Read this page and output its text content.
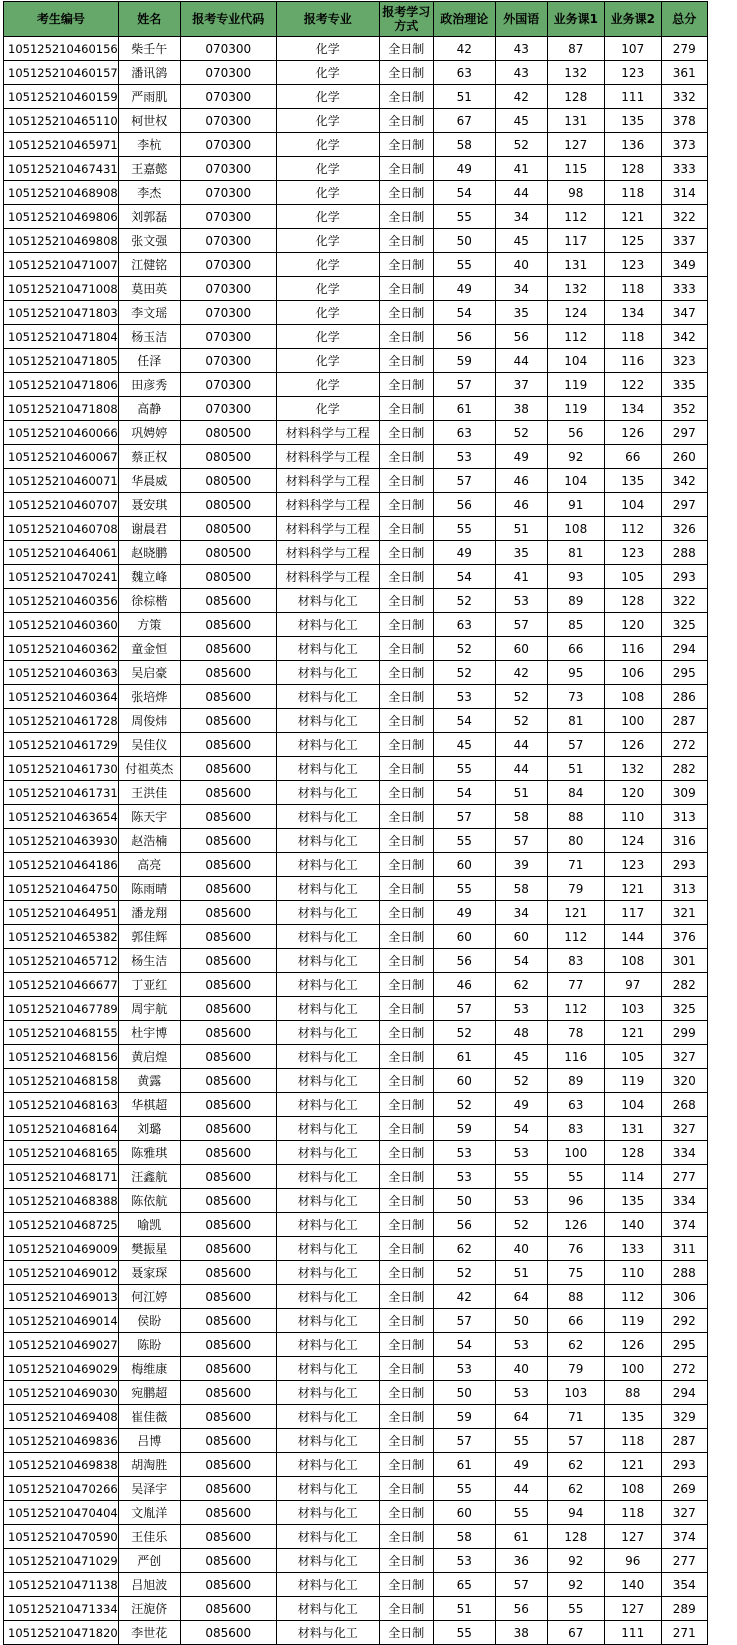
考生编号	姓名	报考专业代码	报考专业	报考学习方式	政治理论	外国语	业务课1	业务课2	总分
105125210460156	柴壬午	070300	化学	全日制	42	43	87	107	279
105125210460157	潘讯鹆	070300	化学	全日制	63	43	132	123	361
105125210460159	严雨肌	070300	化学	全日制	51	42	128	111	332
105125210465110	柯世权	070300	化学	全日制	67	45	131	135	378
105125210465971	李杭	070300	化学	全日制	58	52	127	136	373
105125210467431	王嘉懿	070300	化学	全日制	49	41	115	128	333
105125210468908	李杰	070300	化学	全日制	54	44	98	118	314
105125210469806	刘郭磊	070300	化学	全日制	55	34	112	121	322
105125210469808	张文强	070300	化学	全日制	50	45	117	125	337
105125210471007	江健铭	070300	化学	全日制	55	40	131	123	349
105125210471008	莫田英	070300	化学	全日制	49	34	132	118	333
105125210471803	李文瑶	070300	化学	全日制	54	35	124	134	347
105125210471804	杨玉洁	070300	化学	全日制	56	56	112	118	342
105125210471805	任泽	070300	化学	全日制	59	44	104	116	323
105125210471806	田彦秀	070300	化学	全日制	57	37	119	122	335
105125210471808	高静	070300	化学	全日制	61	38	119	134	352
105125210460066	巩娉婷	080500	材料科学与工程	全日制	63	52	56	126	297
105125210460067	蔡正权	080500	材料科学与工程	全日制	53	49	92	66	260
105125210460071	华晨威	080500	材料科学与工程	全日制	57	46	104	135	342
105125210460707	聂安琪	080500	材料科学与工程	全日制	56	46	91	104	297
105125210460708	谢晨君	080500	材料科学与工程	全日制	55	51	108	112	326
105125210464061	赵晓鹏	080500	材料科学与工程	全日制	49	35	81	123	288
105125210470241	魏立峰	080500	材料科学与工程	全日制	54	41	93	105	293
105125210460356	徐棕楷	085600	材料与化工	全日制	52	53	89	128	322
105125210460360	方策	085600	材料与化工	全日制	63	57	85	120	325
105125210460362	童金恒	085600	材料与化工	全日制	52	60	66	116	294
105125210460363	吴启豪	085600	材料与化工	全日制	52	42	95	106	295
105125210460364	张培烨	085600	材料与化工	全日制	53	52	73	108	286
105125210461728	周俊炜	085600	材料与化工	全日制	54	52	81	100	287
105125210461729	吴佳仪	085600	材料与化工	全日制	45	44	57	126	272
105125210461730	付祖英杰	085600	材料与化工	全日制	55	44	51	132	282
105125210461731	王洪佳	085600	材料与化工	全日制	54	51	84	120	309
105125210463654	陈天宇	085600	材料与化工	全日制	57	58	88	110	313
105125210463930	赵浩楠	085600	材料与化工	全日制	55	57	80	124	316
105125210464186	高亮	085600	材料与化工	全日制	60	39	71	123	293
105125210464750	陈雨晴	085600	材料与化工	全日制	55	58	79	121	313
105125210464951	潘龙翔	085600	材料与化工	全日制	49	34	121	117	321
105125210465382	郭佳辉	085600	材料与化工	全日制	60	60	112	144	376
105125210465712	杨生洁	085600	材料与化工	全日制	56	54	83	108	301
105125210466677	丁亚红	085600	材料与化工	全日制	46	62	77	97	282
105125210467789	周宇航	085600	材料与化工	全日制	57	53	112	103	325
105125210468155	杜宇博	085600	材料与化工	全日制	52	48	78	121	299
105125210468156	黄启煌	085600	材料与化工	全日制	61	45	116	105	327
105125210468158	黄露	085600	材料与化工	全日制	60	52	89	119	320
105125210468163	华棋超	085600	材料与化工	全日制	52	49	63	104	268
105125210468164	刘璐	085600	材料与化工	全日制	59	54	83	131	327
105125210468165	陈雅琪	085600	材料与化工	全日制	53	53	100	128	334
105125210468171	汪鑫航	085600	材料与化工	全日制	53	55	55	114	277
105125210468388	陈依航	085600	材料与化工	全日制	50	53	96	135	334
105125210468725	喻凯	085600	材料与化工	全日制	56	52	126	140	374
105125210469009	樊振星	085600	材料与化工	全日制	62	40	76	133	311
105125210469012	聂家琛	085600	材料与化工	全日制	52	51	75	110	288
105125210469013	何江婷	085600	材料与化工	全日制	42	64	88	112	306
105125210469014	侯盼	085600	材料与化工	全日制	57	50	66	119	292
105125210469027	陈盼	085600	材料与化工	全日制	54	53	62	126	295
105125210469029	梅维康	085600	材料与化工	全日制	53	40	79	100	272
105125210469030	宛鹏超	085600	材料与化工	全日制	50	53	103	88	294
105125210469408	崔佳薇	085600	材料与化工	全日制	59	64	71	135	329
105125210469836	吕博	085600	材料与化工	全日制	57	55	57	118	287
105125210469838	胡淘胜	085600	材料与化工	全日制	61	49	62	121	293
105125210470266	吴泽宇	085600	材料与化工	全日制	55	44	62	108	269
105125210470404	文胤洋	085600	材料与化工	全日制	60	55	94	118	327
105125210470590	王佳乐	085600	材料与化工	全日制	58	61	128	127	374
105125210471029	严创	085600	材料与化工	全日制	53	36	92	96	277
105125210471138	吕旭波	085600	材料与化工	全日制	65	57	92	140	354
105125210471334	汪旎侪	085600	材料与化工	全日制	51	56	55	127	289
105125210471820	李世花	085600	材料与化工	全日制	55	38	67	111	271
